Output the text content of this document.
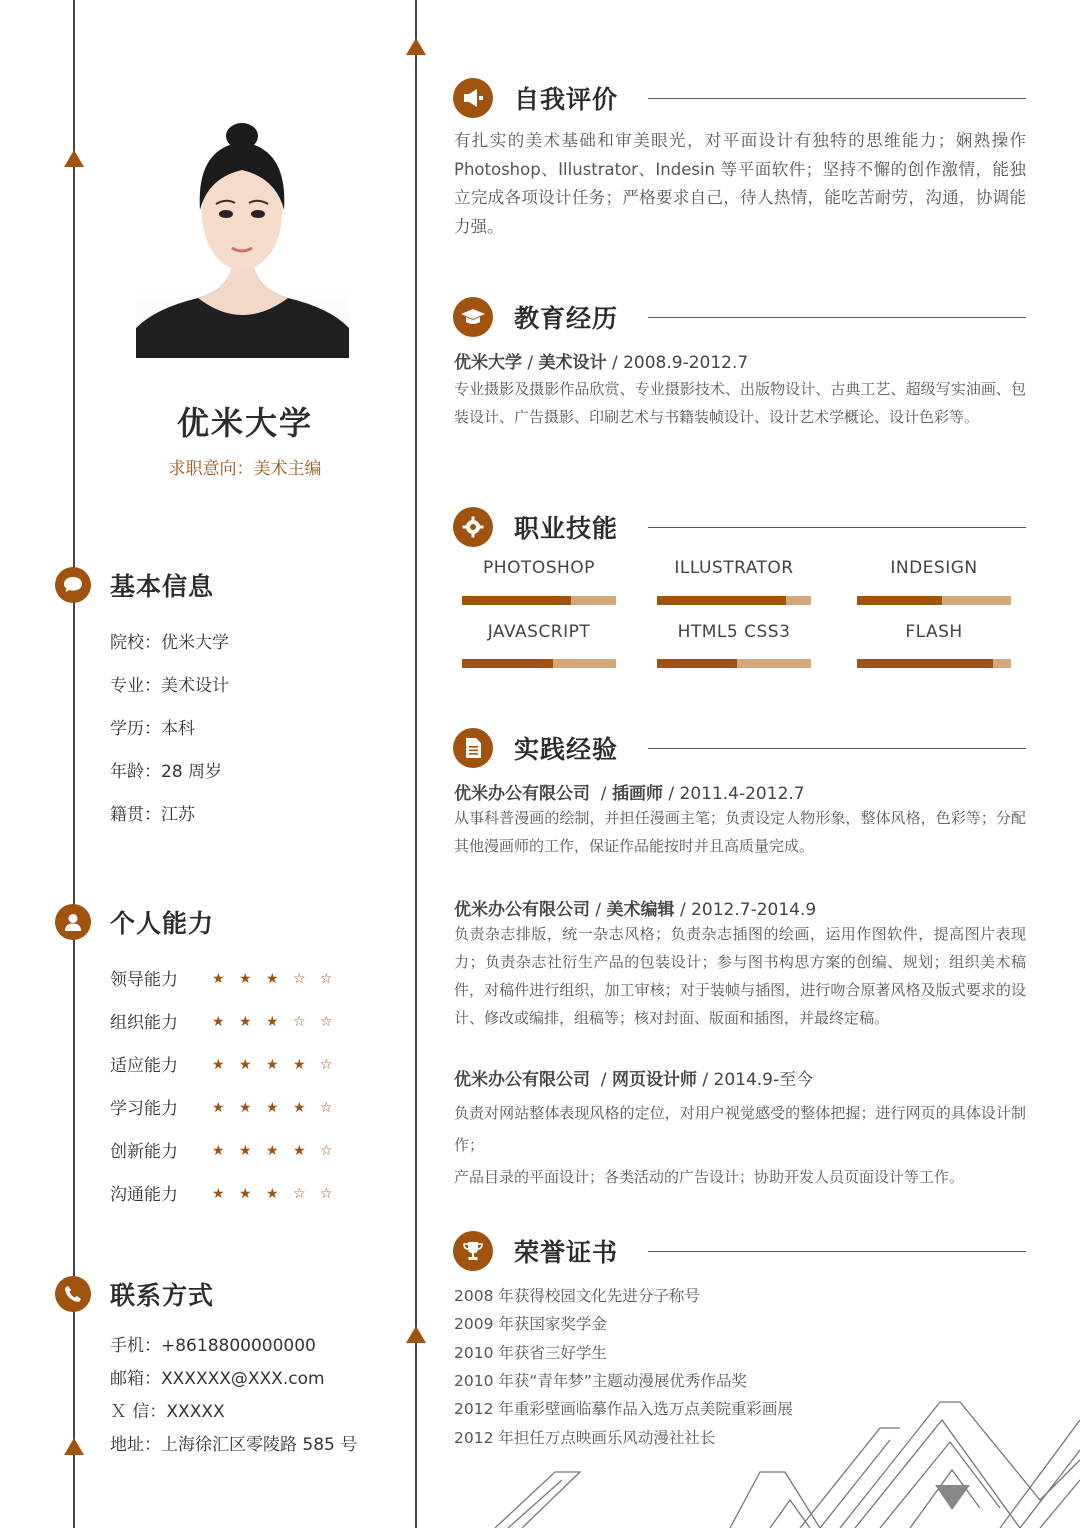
优米大学
求职意向：美术主编
基本信息
院校：优米大学
专业：美术设计
学历：本科
年龄：28 周岁
籍贯：江苏
个人能力
领导能力	★ ★ ★ ☆ ☆
组织能力	★ ★ ★ ☆ ☆
适应能力	★ ★ ★ ★ ☆
学习能力	★ ★ ★ ★ ☆
创新能力	★ ★ ★ ★ ☆
沟通能力	★ ★ ★ ☆ ☆
联系方式
手机：+8618800000000
邮箱：XXXXXX@XXX.com
Ｘ 信：XXXXX
地址：上海徐汇区零陵路 585 号
自我评价
有扎实的美术基础和审美眼光，对平面设计有独特的思维能力；娴熟操作 Photoshop、Illustrator、Indesin 等平面软件；坚持不懈的创作激情，能独立完成各项设计任务；严格要求自己，待人热情，能吃苦耐劳，沟通，协调能力强。
教育经历
优米大学 / 美术设计 / 2008.9-2012.7
专业摄影及摄影作品欣赏、专业摄影技术、出版物设计、古典工艺、超级写实油画、包装设计、广告摄影、印刷艺术与书籍装帧设计、设计艺术学概论、设计色彩等。
职业技能
PHOTOSHOP	ILLUSTRATOR	INDESIGN
JAVASCRIPT	HTML5 CSS3	FLASH
实践经验
优米办公有限公司  / 插画师 / 2011.4-2012.7
从事科普漫画的绘制，并担任漫画主笔；负责设定人物形象，整体风格，色彩等；分配其他漫画师的工作，保证作品能按时并且高质量完成。
优米办公有限公司 / 美术编辑 / 2012.7-2014.9
负责杂志排版，统一杂志风格；负责杂志插图的绘画，运用作图软件，提高图片表现力；负责杂志社衍生产品的包装设计；参与图书构思方案的创编、规划；组织美术稿件，对稿件进行组织，加工审核；对于装帧与插图，进行吻合原著风格及版式要求的设计、修改或编排，组稿等；核对封面、版面和插图，并最终定稿。
优米办公有限公司  / 网页设计师 / 2014.9-至今
负责对网站整体表现风格的定位，对用户视觉感受的整体把握；进行网页的具体设计制作；
产品目录的平面设计；各类活动的广告设计；协助开发人员页面设计等工作。
荣誉证书
2008 年获得校园文化先进分子称号
2009 年获国家奖学金
2010 年获省三好学生
2010 年获“青年梦”主题动漫展优秀作品奖
2012 年重彩壁画临摹作品入选万点美院重彩画展
2012 年担任万点映画乐风动漫社社长
